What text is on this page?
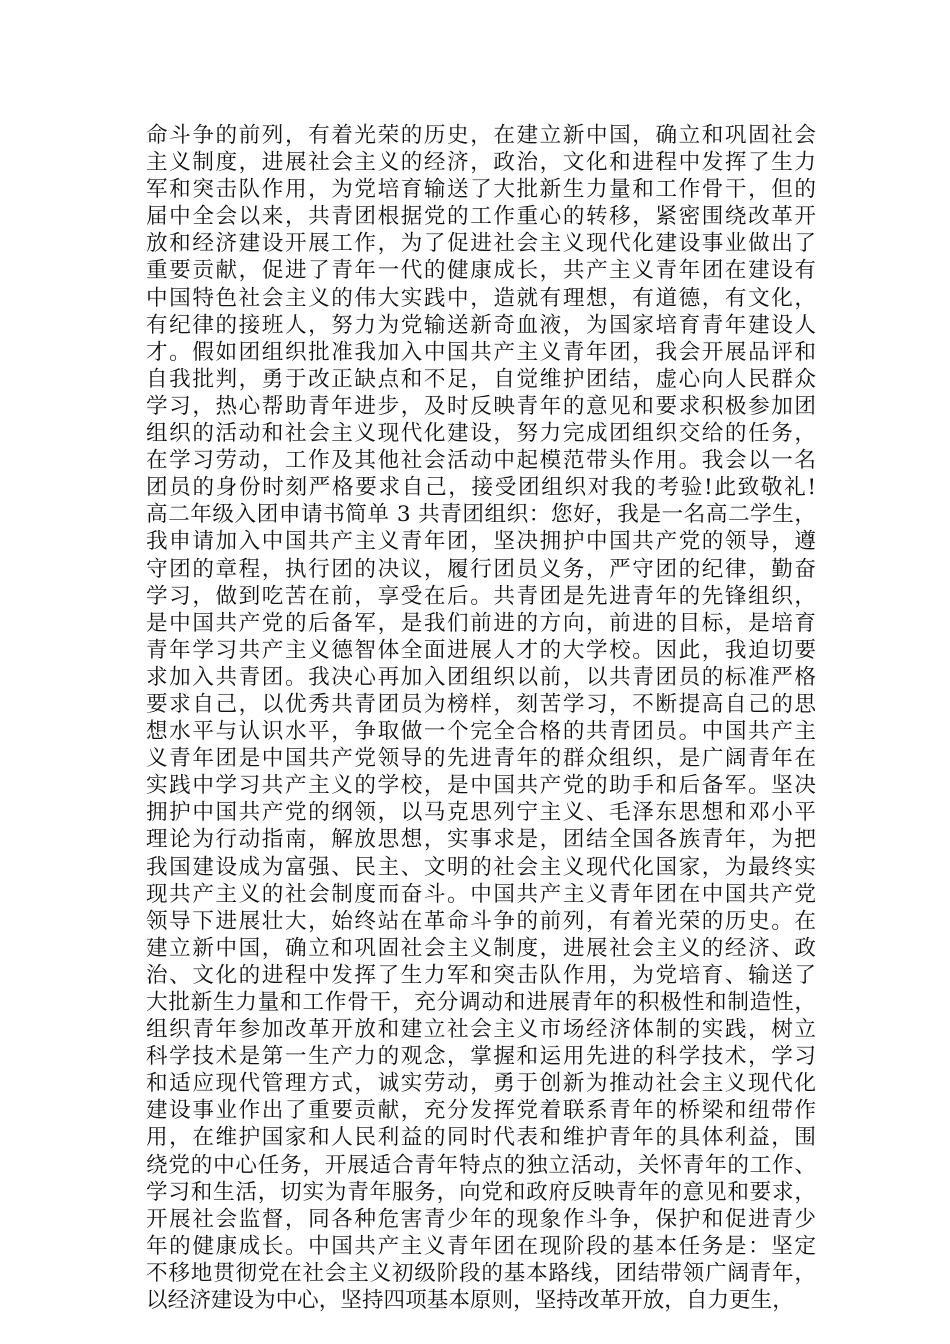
命斗争的前列，有着光荣的历史，在建立新中国，确立和巩固社会
主义制度，进展社会主义的经济，政治，文化和进程中发挥了生力
军和突击队作用，为党培育输送了大批新生力量和工作骨干，但的
届中全会以来，共青团根据党的工作重心的转移，紧密围绕改革开
放和经济建设开展工作，为了促进社会主义现代化建设事业做出了
重要贡献，促进了青年一代的健康成长，共产主义青年团在建设有
中国特色社会主义的伟大实践中，造就有理想，有道德，有文化，
有纪律的接班人，努力为党输送新奇血液，为国家培育青年建设人
才。假如团组织批准我加入中国共产主义青年团，我会开展品评和
自我批判，勇于改正缺点和不足，自觉维护团结，虚心向人民群众
学习，热心帮助青年进步，及时反映青年的意见和要求积极参加团
组织的活动和社会主义现代化建设，努力完成团组织交给的任务，
在学习劳动，工作及其他社会活动中起模范带头作用。我会以一名
团员的身份时刻严格要求自己，接受团组织对我的考验!此致敬礼!
高二年级入团申请书简单 3 共青团组织：您好，我是一名高二学生，
我申请加入中国共产主义青年团，坚决拥护中国共产党的领导，遵
守团的章程，执行团的决议，履行团员义务，严守团的纪律，勤奋
学习，做到吃苦在前，享受在后。共青团是先进青年的先锋组织，
是中国共产党的后备军，是我们前进的方向，前进的目标，是培育
青年学习共产主义德智体全面进展人才的大学校。因此，我迫切要
求加入共青团。我决心再加入团组织以前，以共青团员的标准严格
要求自己，以优秀共青团员为榜样，刻苦学习，不断提高自己的思
想水平与认识水平，争取做一个完全合格的共青团员。中国共产主
义青年团是中国共产党领导的先进青年的群众组织，是广阔青年在
实践中学习共产主义的学校，是中国共产党的助手和后备军。坚决
拥护中国共产党的纲领，以马克思列宁主义、毛泽东思想和邓小平
理论为行动指南，解放思想，实事求是，团结全国各族青年，为把
我国建设成为富强、民主、文明的社会主义现代化国家，为最终实
现共产主义的社会制度而奋斗。中国共产主义青年团在中国共产党
领导下进展壮大，始终站在革命斗争的前列，有着光荣的历史。在
建立新中国，确立和巩固社会主义制度，进展社会主义的经济、政
治、文化的进程中发挥了生力军和突击队作用，为党培育、输送了
大批新生力量和工作骨干，充分调动和进展青年的积极性和制造性，
组织青年参加改革开放和建立社会主义市场经济体制的实践，树立
科学技术是第一生产力的观念，掌握和运用先进的科学技术，学习
和适应现代管理方式，诚实劳动，勇于创新为推动社会主义现代化
建设事业作出了重要贡献，充分发挥党着联系青年的桥梁和纽带作
用，在维护国家和人民利益的同时代表和维护青年的具体利益，围
绕党的中心任务，开展适合青年特点的独立活动，关怀青年的工作、
学习和生活，切实为青年服务，向党和政府反映青年的意见和要求，
开展社会监督，同各种危害青少年的现象作斗争，保护和促进青少
年的健康成长。中国共产主义青年团在现阶段的基本任务是：坚定
不移地贯彻党在社会主义初级阶段的基本路线，团结带领广阔青年，
以经济建设为中心，坚持四项基本原则，坚持改革开放，自力更生，
